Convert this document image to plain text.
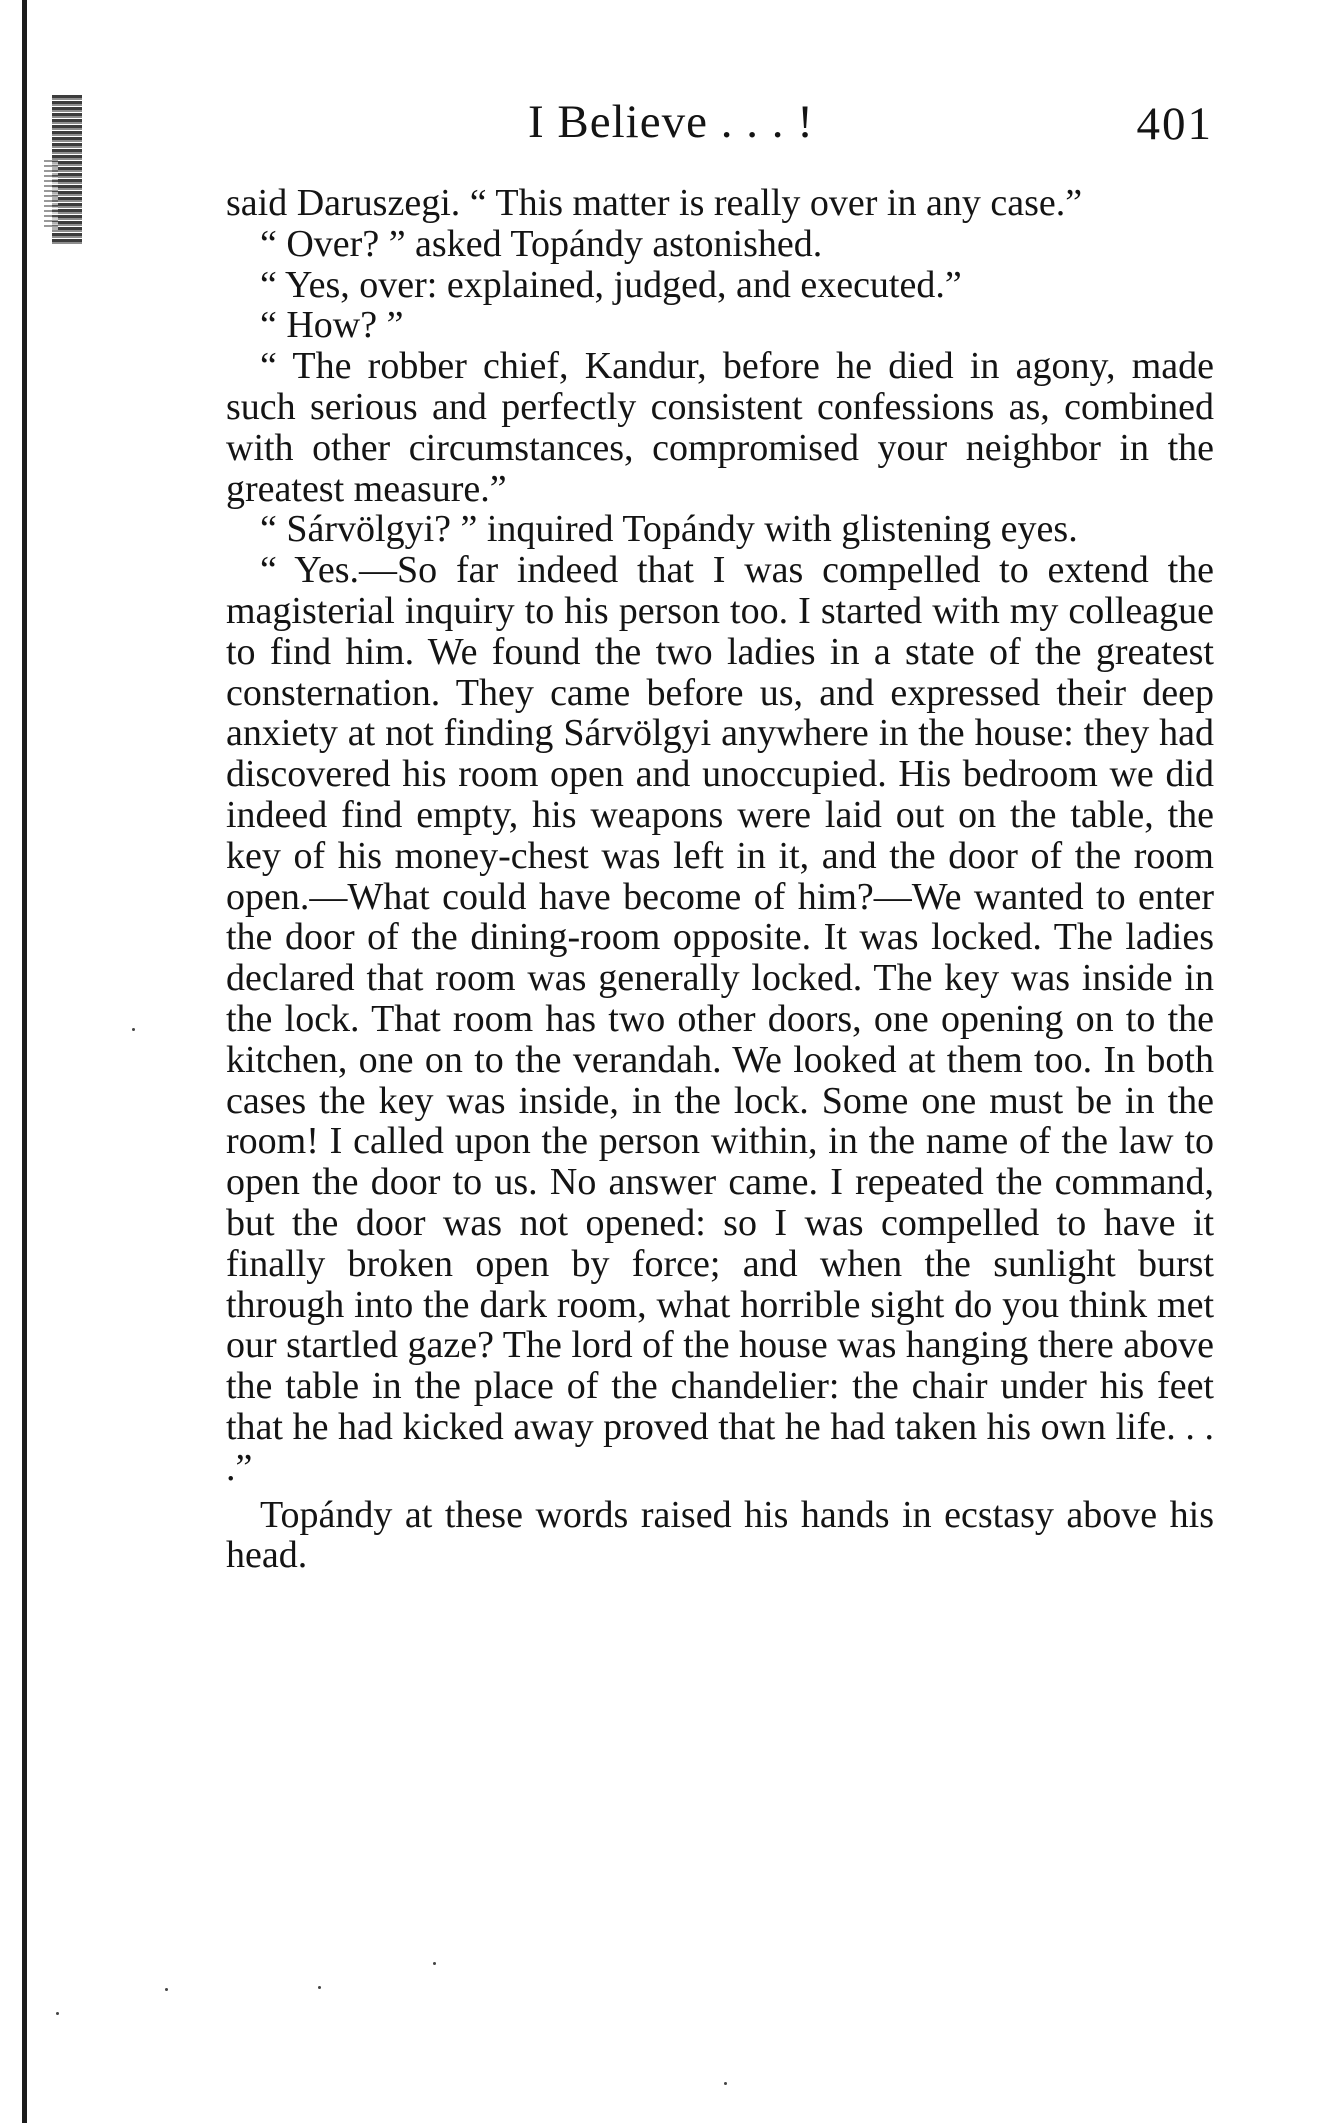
I Believe . . . !	401

said Daruszegi. “ This matter is really over in any case.”

“ Over? ” asked Topándy astonished.

“ Yes, over: explained, judged, and executed.”

“ How? ”

“ The robber chief, Kandur, before he died in agony, made such serious and perfectly consistent confessions as, combined with other circumstances, compromised your neighbor in the greatest measure.”

“ Sárvölgyi? ” inquired Topándy with glistening eyes.

“ Yes.—So far indeed that I was compelled to extend the magisterial inquiry to his person too. I started with my colleague to find him. We found the two ladies in a state of the greatest consternation. They came before us, and expressed their deep anxiety at not finding Sárvölgyi anywhere in the house: they had discovered his room open and unoccupied. His bedroom we did indeed find empty, his weapons were laid out on the table, the key of his money-chest was left in it, and the door of the room open.—What could have become of him?—We wanted to enter the door of the dining-room opposite. It was locked. The ladies declared that room was generally locked. The key was inside in the lock. That room has two other doors, one opening on to the kitchen, one on to the verandah. We looked at them too. In both cases the key was inside, in the lock. Some one must be in the room! I called upon the person within, in the name of the law to open the door to us. No answer came. I repeated the command, but the door was not opened: so I was compelled to have it finally broken open by force; and when the sunlight burst through into the dark room, what horrible sight do you think met our startled gaze? The lord of the house was hanging there above the table in the place of the chandelier: the chair under his feet that he had kicked away proved that he had taken his own life. . . .”

Topándy at these words raised his hands in ecstasy above his head.
